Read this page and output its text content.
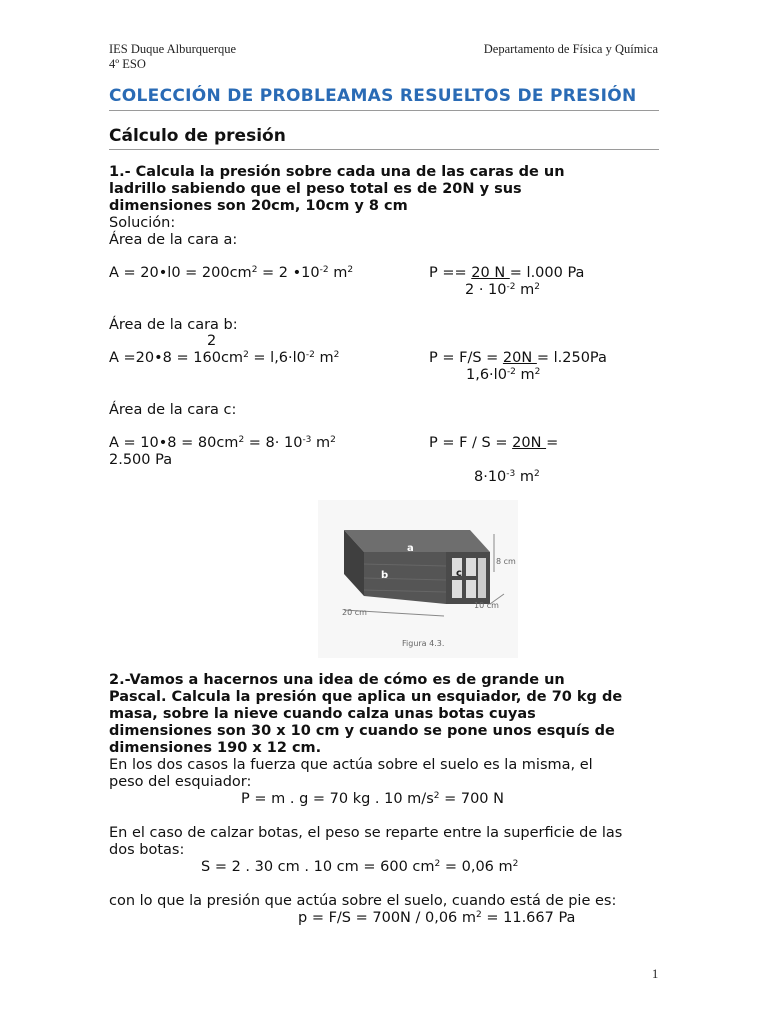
IES Duque Alburquerque
4º ESO
Departamento de Física y Química
COLECCIÓN DE PROBLEAMAS RESUELTOS DE PRESIÓN
Cálculo de presión
1.- Calcula la presión sobre cada una de las caras de un
ladrillo sabiendo que el peso total es de 20N y sus
dimensiones son 20cm, 10cm y 8 cm
Solución:
Área de la cara a:
A = 20•l0 = $200cm^2 = 2$ $•10^{-2}$ $m^2$	P == 20 N = l.000 Pa
$2 \cdot 10^{-2}$ $m^2$
Área de la cara b:
2
A =20•8 = $160cm^2 = l,6\cdot l0^{-2}$ $m^2$	P = F/S = 20N = l.250Pa
$1,6\cdot l0^{-2}$ $m^2$
Área de la cara c:
A = 10•8 = $80cm^2 = 8\cdot 10^{-3}$ $m^2$	P = F / S = 20N =
2.500 Pa
$8\cdot 10^{-3}$ $m^2$
a
b	c
8 cm
10 cm
20 cm
Figura 4.3.
2.-Vamos a hacernos una idea de cómo es de grande un
Pascal. Calcula la presión que aplica un esquiador, de 70 kg de
masa, sobre la nieve cuando calza unas botas cuyas
dimensiones son 30 x 10 cm y cuando se pone unos esquís de
dimensiones 190 x 12 cm.
En los dos casos la fuerza que actúa sobre el suelo es la misma, el
peso del esquiador:
P = m . g = 70 kg . 10 $m/s^2 = 700$ N
En el caso de calzar botas, el peso se reparte entre la superficie de las
dos botas:
S = 2 . 30 cm . 10 cm = 600 $cm^2 = 0,06$ $m^2$
con lo que la presión que actúa sobre el suelo, cuando está de pie es:
p = F/S = 700N / 0,06 $m^2 = 11.667$ Pa
1
